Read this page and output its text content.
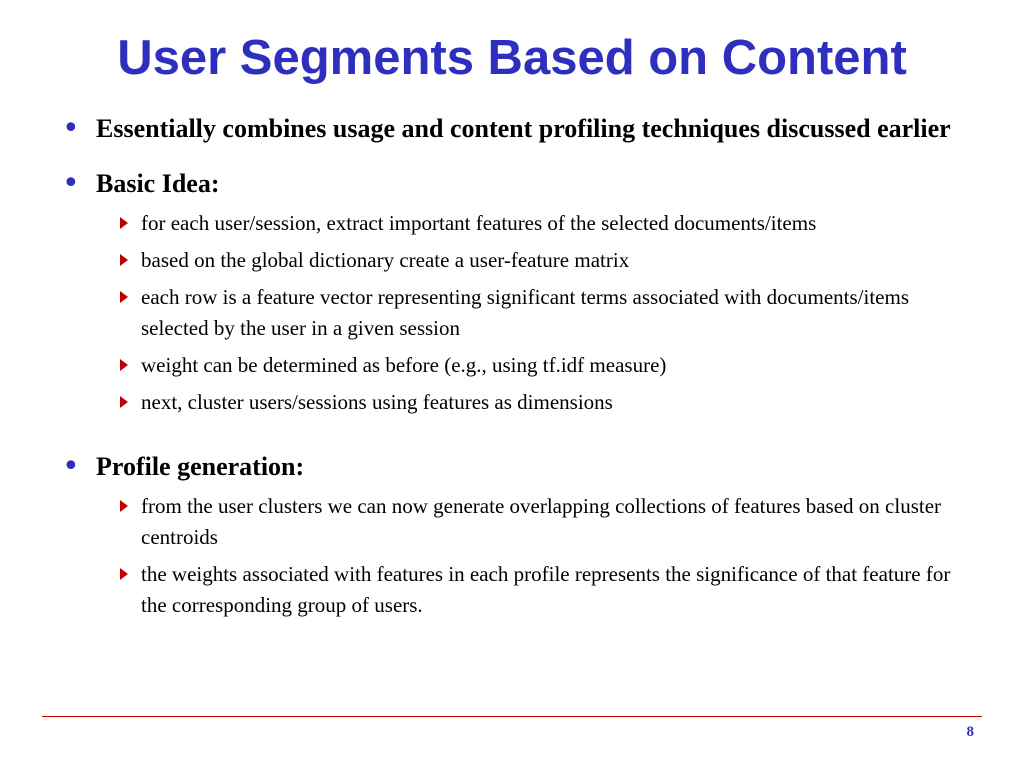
User Segments Based on Content
• Essentially combines usage and content profiling techniques discussed earlier
• Basic Idea:
for each user/session, extract important features of the selected documents/items
based on the global dictionary create a user-feature matrix
each row is a feature vector representing significant terms associated with documents/items selected by the user in a given session
weight can be determined as before (e.g., using tf.idf measure)
next, cluster users/sessions using features as dimensions
• Profile generation:
from the user clusters we can now generate overlapping collections of features based on cluster centroids
the weights associated with features in each profile represents the significance of that feature for the corresponding group of users.
8
